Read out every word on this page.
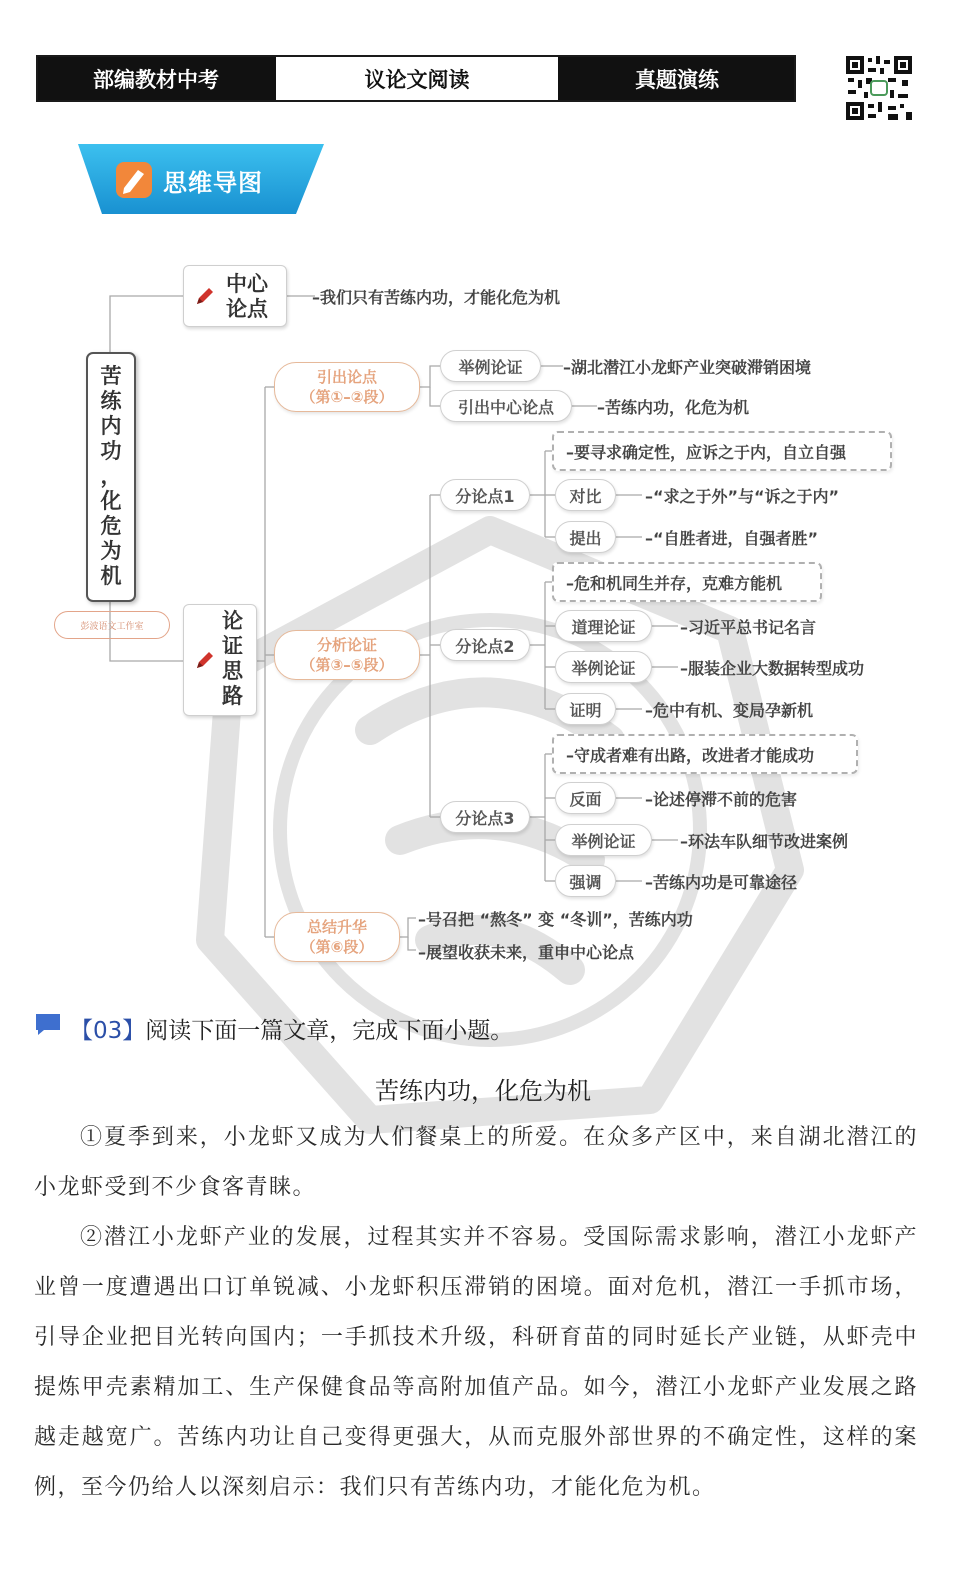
部编教材中考	议论文阅读	真题演练
思维导图
苦
练
内
功
，
化
危
为
机
彭波语文工作室
中心
论点	–我们只有苦练内功，才能化危为机
论
证
思
路
引出论点
（第①–②段）
分析论证
（第③–⑤段）
总结升华
（第⑥段）
举例论证	–湖北潜江小龙虾产业突破滞销困境
引出中心论点	–苦练内功，化危为机
分论点1
–要寻求确定性，应诉之于内，自立自强
对比	–“求之于外”与“诉之于内”
提出	–“自胜者进，自强者胜”
分论点2
–危和机同生并存，克难方能机
道理论证	–习近平总书记名言
举例论证	–服装企业大数据转型成功
证明	–危中有机、变局孕新机
分论点3
–守成者难有出路，改进者才能成功
反面	–论述停滞不前的危害
举例论证	–环法车队细节改进案例
强调	–苦练内功是可靠途径
–号召把 “熬冬” 变 “冬训”，苦练内功
–展望收获未来，重申中心论点
【03】阅读下面一篇文章，完成下面小题。
苦练内功，化危为机
①夏季到来，小龙虾又成为人们餐桌上的所爱。在众多产区中，来自湖北潜江的小龙虾受到不少食客青睐。
②潜江小龙虾产业的发展，过程其实并不容易。受国际需求影响，潜江小龙虾产业曾一度遭遇出口订单锐减、小龙虾积压滞销的困境。面对危机，潜江一手抓市场，引导企业把目光转向国内；一手抓技术升级，科研育苗的同时延长产业链，从虾壳中提炼甲壳素精加工、生产保健食品等高附加值产品。如今，潜江小龙虾产业发展之路越走越宽广。苦练内功让自己变得更强大，从而克服外部世界的不确定性，这样的案例，至今仍给人以深刻启示：我们只有苦练内功，才能化危为机。
